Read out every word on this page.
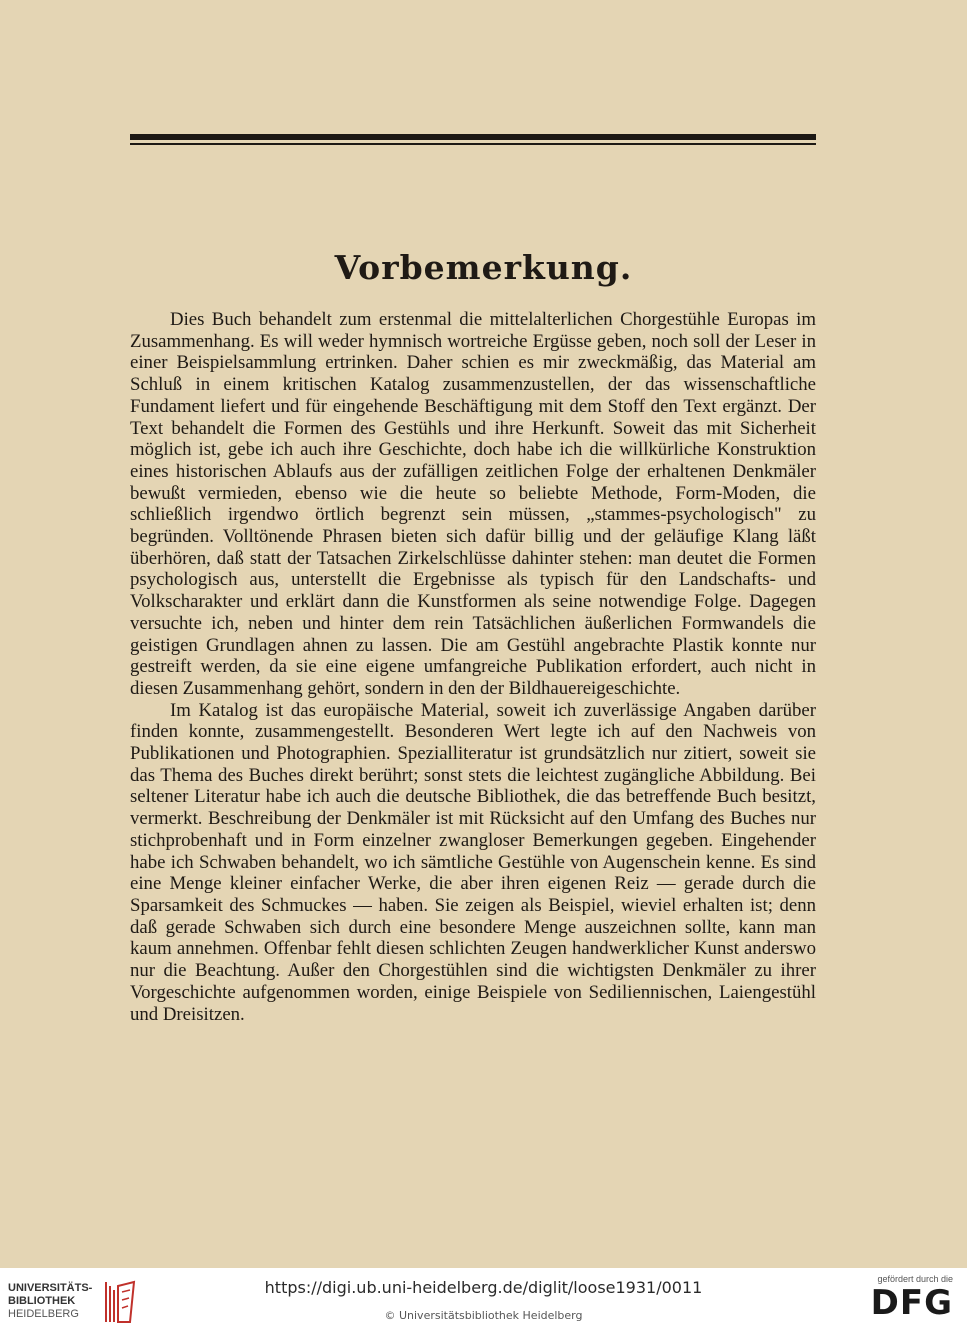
Vorbemerkung.

Dies Buch behandelt zum erstenmal die mittelalterlichen Chorgestühle Europas im Zusammenhang. Es will weder hymnisch wortreiche Ergüsse geben, noch soll der Leser in einer Beispielsammlung ertrinken. Daher schien es mir zweckmäßig, das Material am Schluß in einem kritischen Katalog zusammenzustellen, der das wissenschaftliche Fundament liefert und für eingehende Beschäftigung mit dem Stoff den Text ergänzt. Der Text behandelt die Formen des Gestühls und ihre Herkunft. Soweit das mit Sicherheit möglich ist, gebe ich auch ihre Geschichte, doch habe ich die willkürliche Konstruktion eines historischen Ablaufs aus der zufälligen zeitlichen Folge der erhaltenen Denkmäler bewußt vermieden, ebenso wie die heute so beliebte Methode, Form-Moden, die schließlich irgendwo örtlich begrenzt sein müssen, „stammes-psychologisch" zu begründen. Volltönende Phrasen bieten sich dafür billig und der geläufige Klang läßt überhören, daß statt der Tatsachen Zirkelschlüsse dahinter stehen: man deutet die Formen psychologisch aus, unterstellt die Ergebnisse als typisch für den Landschafts- und Volkscharakter und erklärt dann die Kunstformen als seine notwendige Folge. Dagegen versuchte ich, neben und hinter dem rein Tatsächlichen äußerlichen Formwandels die geistigen Grundlagen ahnen zu lassen. Die am Gestühl angebrachte Plastik konnte nur gestreift werden, da sie eine eigene umfangreiche Publikation erfordert, auch nicht in diesen Zusammenhang gehört, sondern in den der Bildhauereigeschichte.

Im Katalog ist das europäische Material, soweit ich zuverlässige Angaben darüber finden konnte, zusammengestellt. Besonderen Wert legte ich auf den Nachweis von Publikationen und Photographien. Spezialliteratur ist grundsätzlich nur zitiert, soweit sie das Thema des Buches direkt berührt; sonst stets die leichtest zugängliche Abbildung. Bei seltener Literatur habe ich auch die deutsche Bibliothek, die das betreffende Buch besitzt, vermerkt. Beschreibung der Denkmäler ist mit Rücksicht auf den Umfang des Buches nur stichprobenhaft und in Form einzelner zwangloser Bemerkungen gegeben. Eingehender habe ich Schwaben behandelt, wo ich sämtliche Gestühle von Augenschein kenne. Es sind eine Menge kleiner einfacher Werke, die aber ihren eigenen Reiz — gerade durch die Sparsamkeit des Schmuckes — haben. Sie zeigen als Beispiel, wieviel erhalten ist; denn daß gerade Schwaben sich durch eine besondere Menge auszeichnen sollte, kann man kaum annehmen. Offenbar fehlt diesen schlichten Zeugen handwerklicher Kunst anderswo nur die Beachtung. Außer den Chorgestühlen sind die wichtigsten Denkmäler zu ihrer Vorgeschichte aufgenommen worden, einige Beispiele von Sediliennischen, Laiengestühl und Dreisitzen.

UNIVERSITÄTS-
BIBLIOTHEK
HEIDELBERG
https://digi.ub.uni-heidelberg.de/diglit/loose1931/0011
© Universitätsbibliothek Heidelberg
gefördert durch die
DFG
